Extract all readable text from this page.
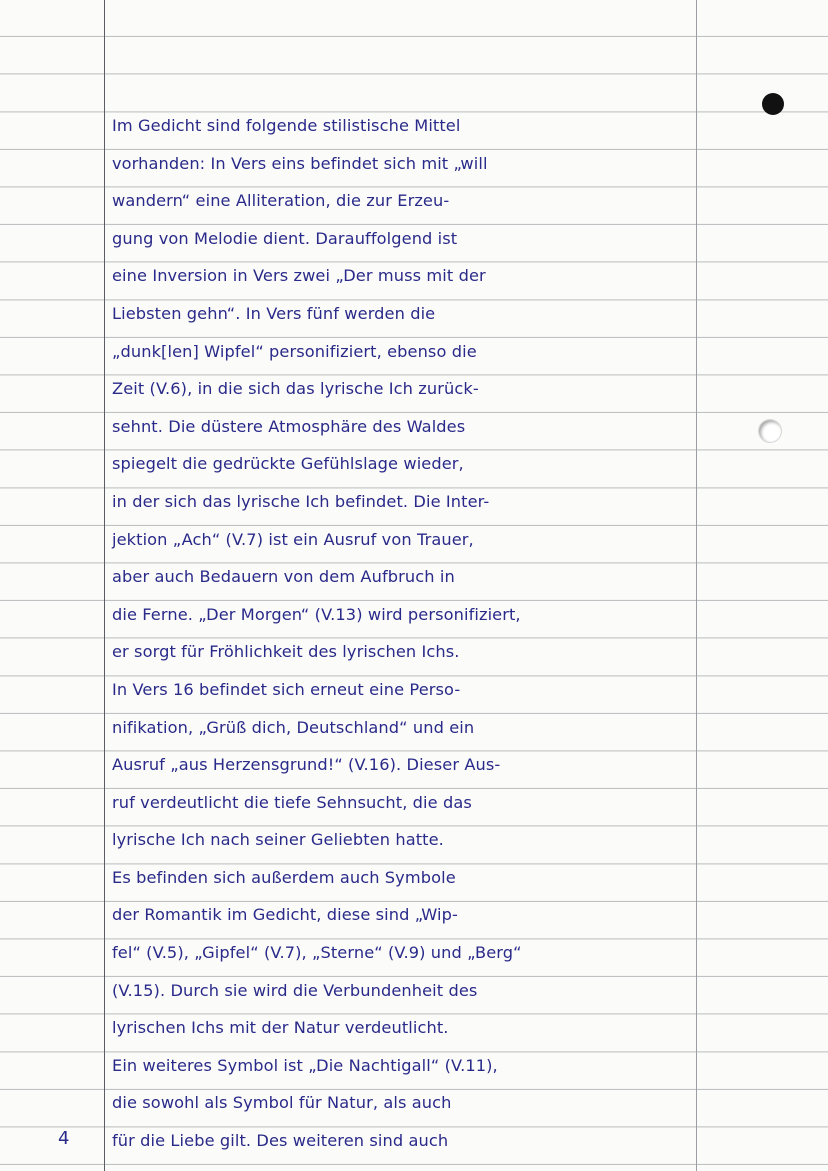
Im Gedicht sind folgende stilistische Mittel
vorhanden: In Vers eins befindet sich mit „will
wandern“ eine Alliteration, die zur Erzeu-
gung von Melodie dient. Darauffolgend ist
eine Inversion in Vers zwei „Der muss mit der
Liebsten gehn“. In Vers fünf werden die
„dunk[len] Wipfel“ personifiziert, ebenso die
Zeit (V.6), in die sich das lyrische Ich zurück-
sehnt. Die düstere Atmosphäre des Waldes
spiegelt die gedrückte Gefühlslage wieder,
in der sich das lyrische Ich befindet. Die Inter-
jektion „Ach“ (V.7) ist ein Ausruf von Trauer,
aber auch Bedauern von dem Aufbruch in
die Ferne. „Der Morgen“ (V.13) wird personifiziert,
er sorgt für Fröhlichkeit des lyrischen Ichs.
In Vers 16 befindet sich erneut eine Perso-
nifikation, „Grüß dich, Deutschland“ und ein
Ausruf „aus Herzensgrund!“ (V.16). Dieser Aus-
ruf verdeutlicht die tiefe Sehnsucht, die das
lyrische Ich nach seiner Geliebten hatte.
Es befinden sich außerdem auch Symbole
der Romantik im Gedicht, diese sind „Wip-
fel“ (V.5), „Gipfel“ (V.7), „Sterne“ (V.9) und „Berg“
(V.15). Durch sie wird die Verbundenheit des
lyrischen Ichs mit der Natur verdeutlicht.
Ein weiteres Symbol ist „Die Nachtigall“ (V.11),
die sowohl als Symbol für Natur, als auch
für die Liebe gilt. Des weiteren sind auch
4
